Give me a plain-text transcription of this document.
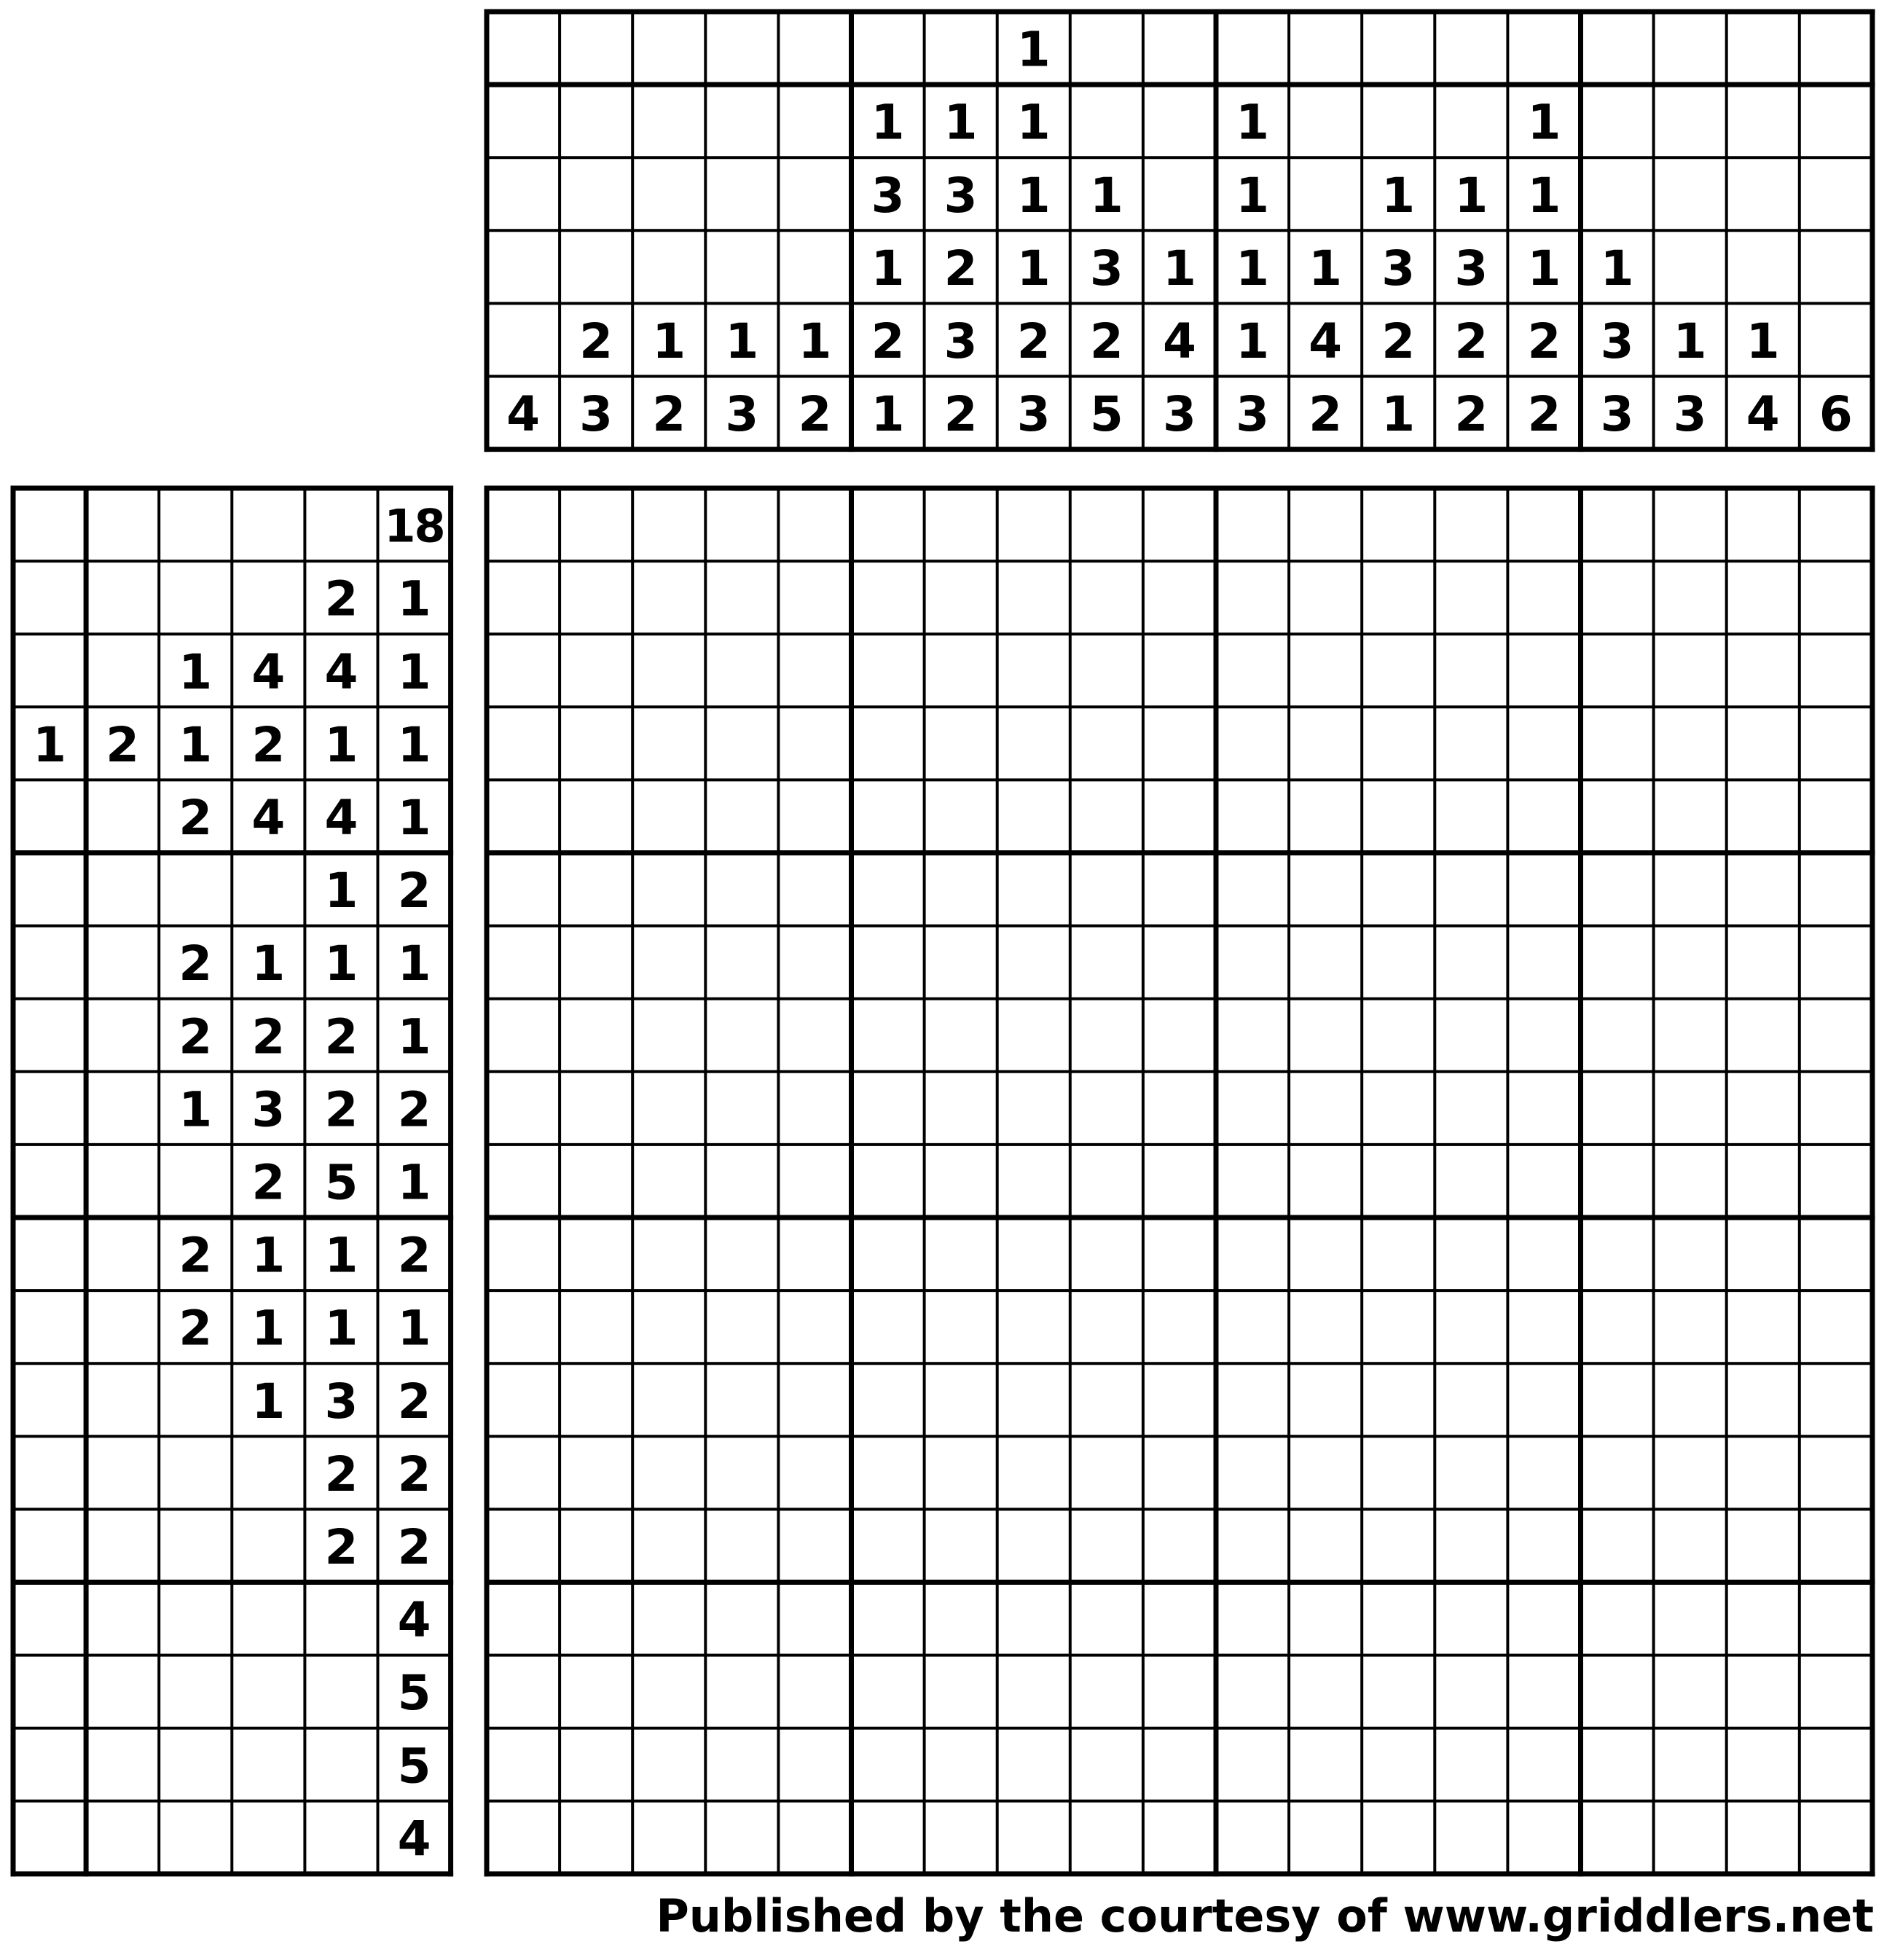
4
2
3
1
2
1
3
1
2
1
3
1
2
1
1
3
2
3
2
1
1
1
1
2
3
1
3
2
5
1
4
3
1
1
1
1
3
1
4
2
1
3
2
1
1
3
2
2
1
1
1
2
2
1
3
3
1
3
1
4 6
18
2 1
1 4 4 1
1 2 1 2 1 1
2 4 4 1
1 2
2 1 1 1
2 2 2 1
1 3 2 2
2 5 1
2 1 1 2
2 1 1 1
1 3 2
2 2
2 2
4
5
5
4
Published by the courtesy of www.griddlers.net
